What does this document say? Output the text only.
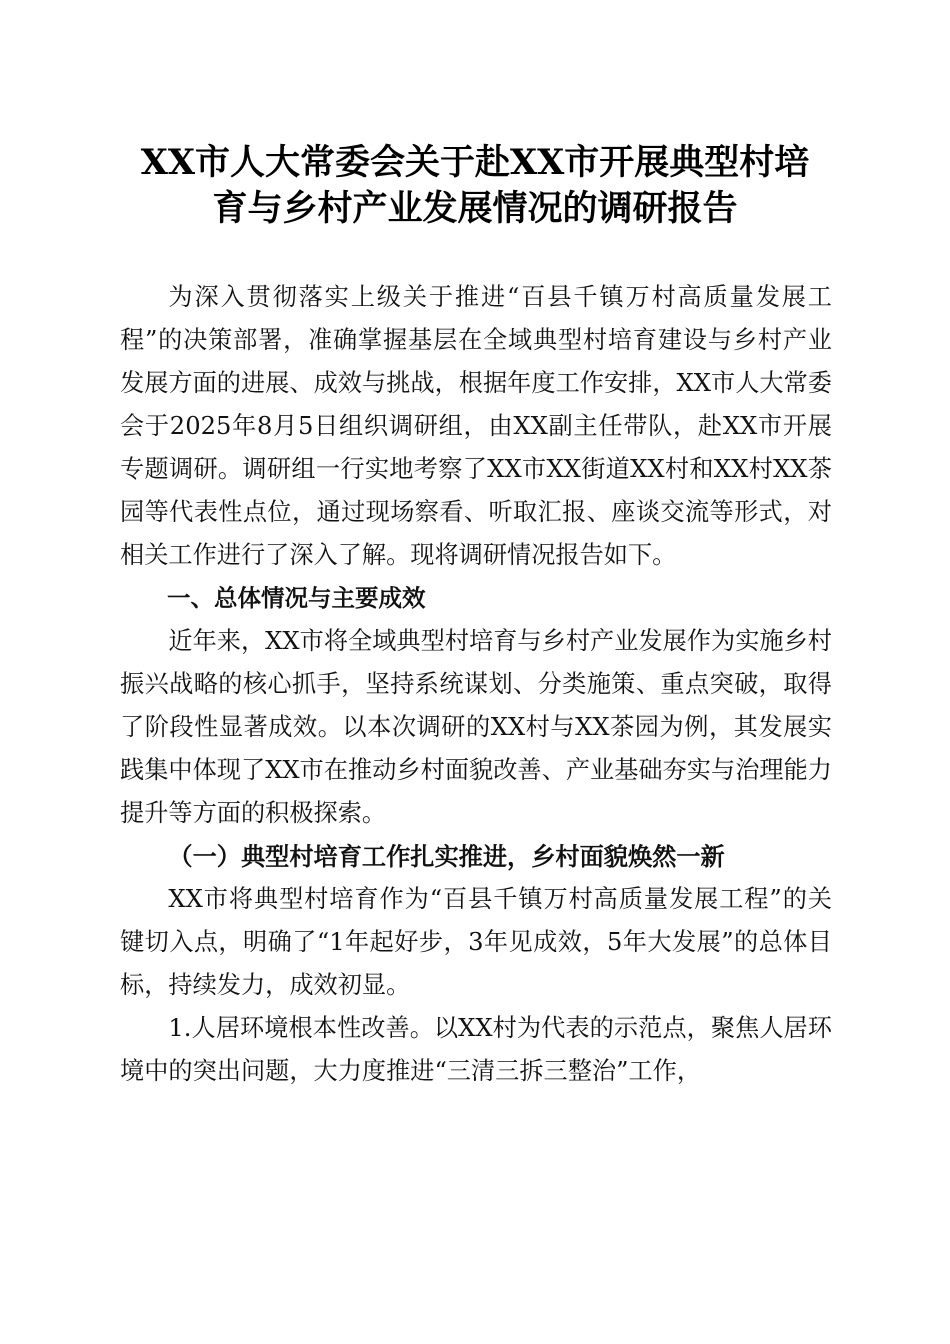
XX市人大常委会关于赴XX市开展典型村培
育与乡村产业发展情况的调研报告

为深入贯彻落实上级关于推进“百县千镇万村高质量发展工程”的决策部署，准确掌握基层在全域典型村培育建设与乡村产业发展方面的进展、成效与挑战，根据年度工作安排，XX市人大常委会于2025年8月5日组织调研组，由XX副主任带队，赴XX市开展专题调研。调研组一行实地考察了XX市XX街道XX村和XX村XX茶园等代表性点位，通过现场察看、听取汇报、座谈交流等形式，对相关工作进行了深入了解。现将调研情况报告如下。

一、总体情况与主要成效

近年来，XX市将全域典型村培育与乡村产业发展作为实施乡村振兴战略的核心抓手，坚持系统谋划、分类施策、重点突破，取得了阶段性显著成效。以本次调研的XX村与XX茶园为例，其发展实践集中体现了XX市在推动乡村面貌改善、产业基础夯实与治理能力提升等方面的积极探索。

（一）典型村培育工作扎实推进，乡村面貌焕然一新

XX市将典型村培育作为“百县千镇万村高质量发展工程”的关键切入点，明确了“1年起好步，3年见成效，5年大发展”的总体目标，持续发力，成效初显。

1.人居环境根本性改善。以XX村为代表的示范点，聚焦人居环境中的突出问题，大力度推进“三清三拆三整治”工作，
